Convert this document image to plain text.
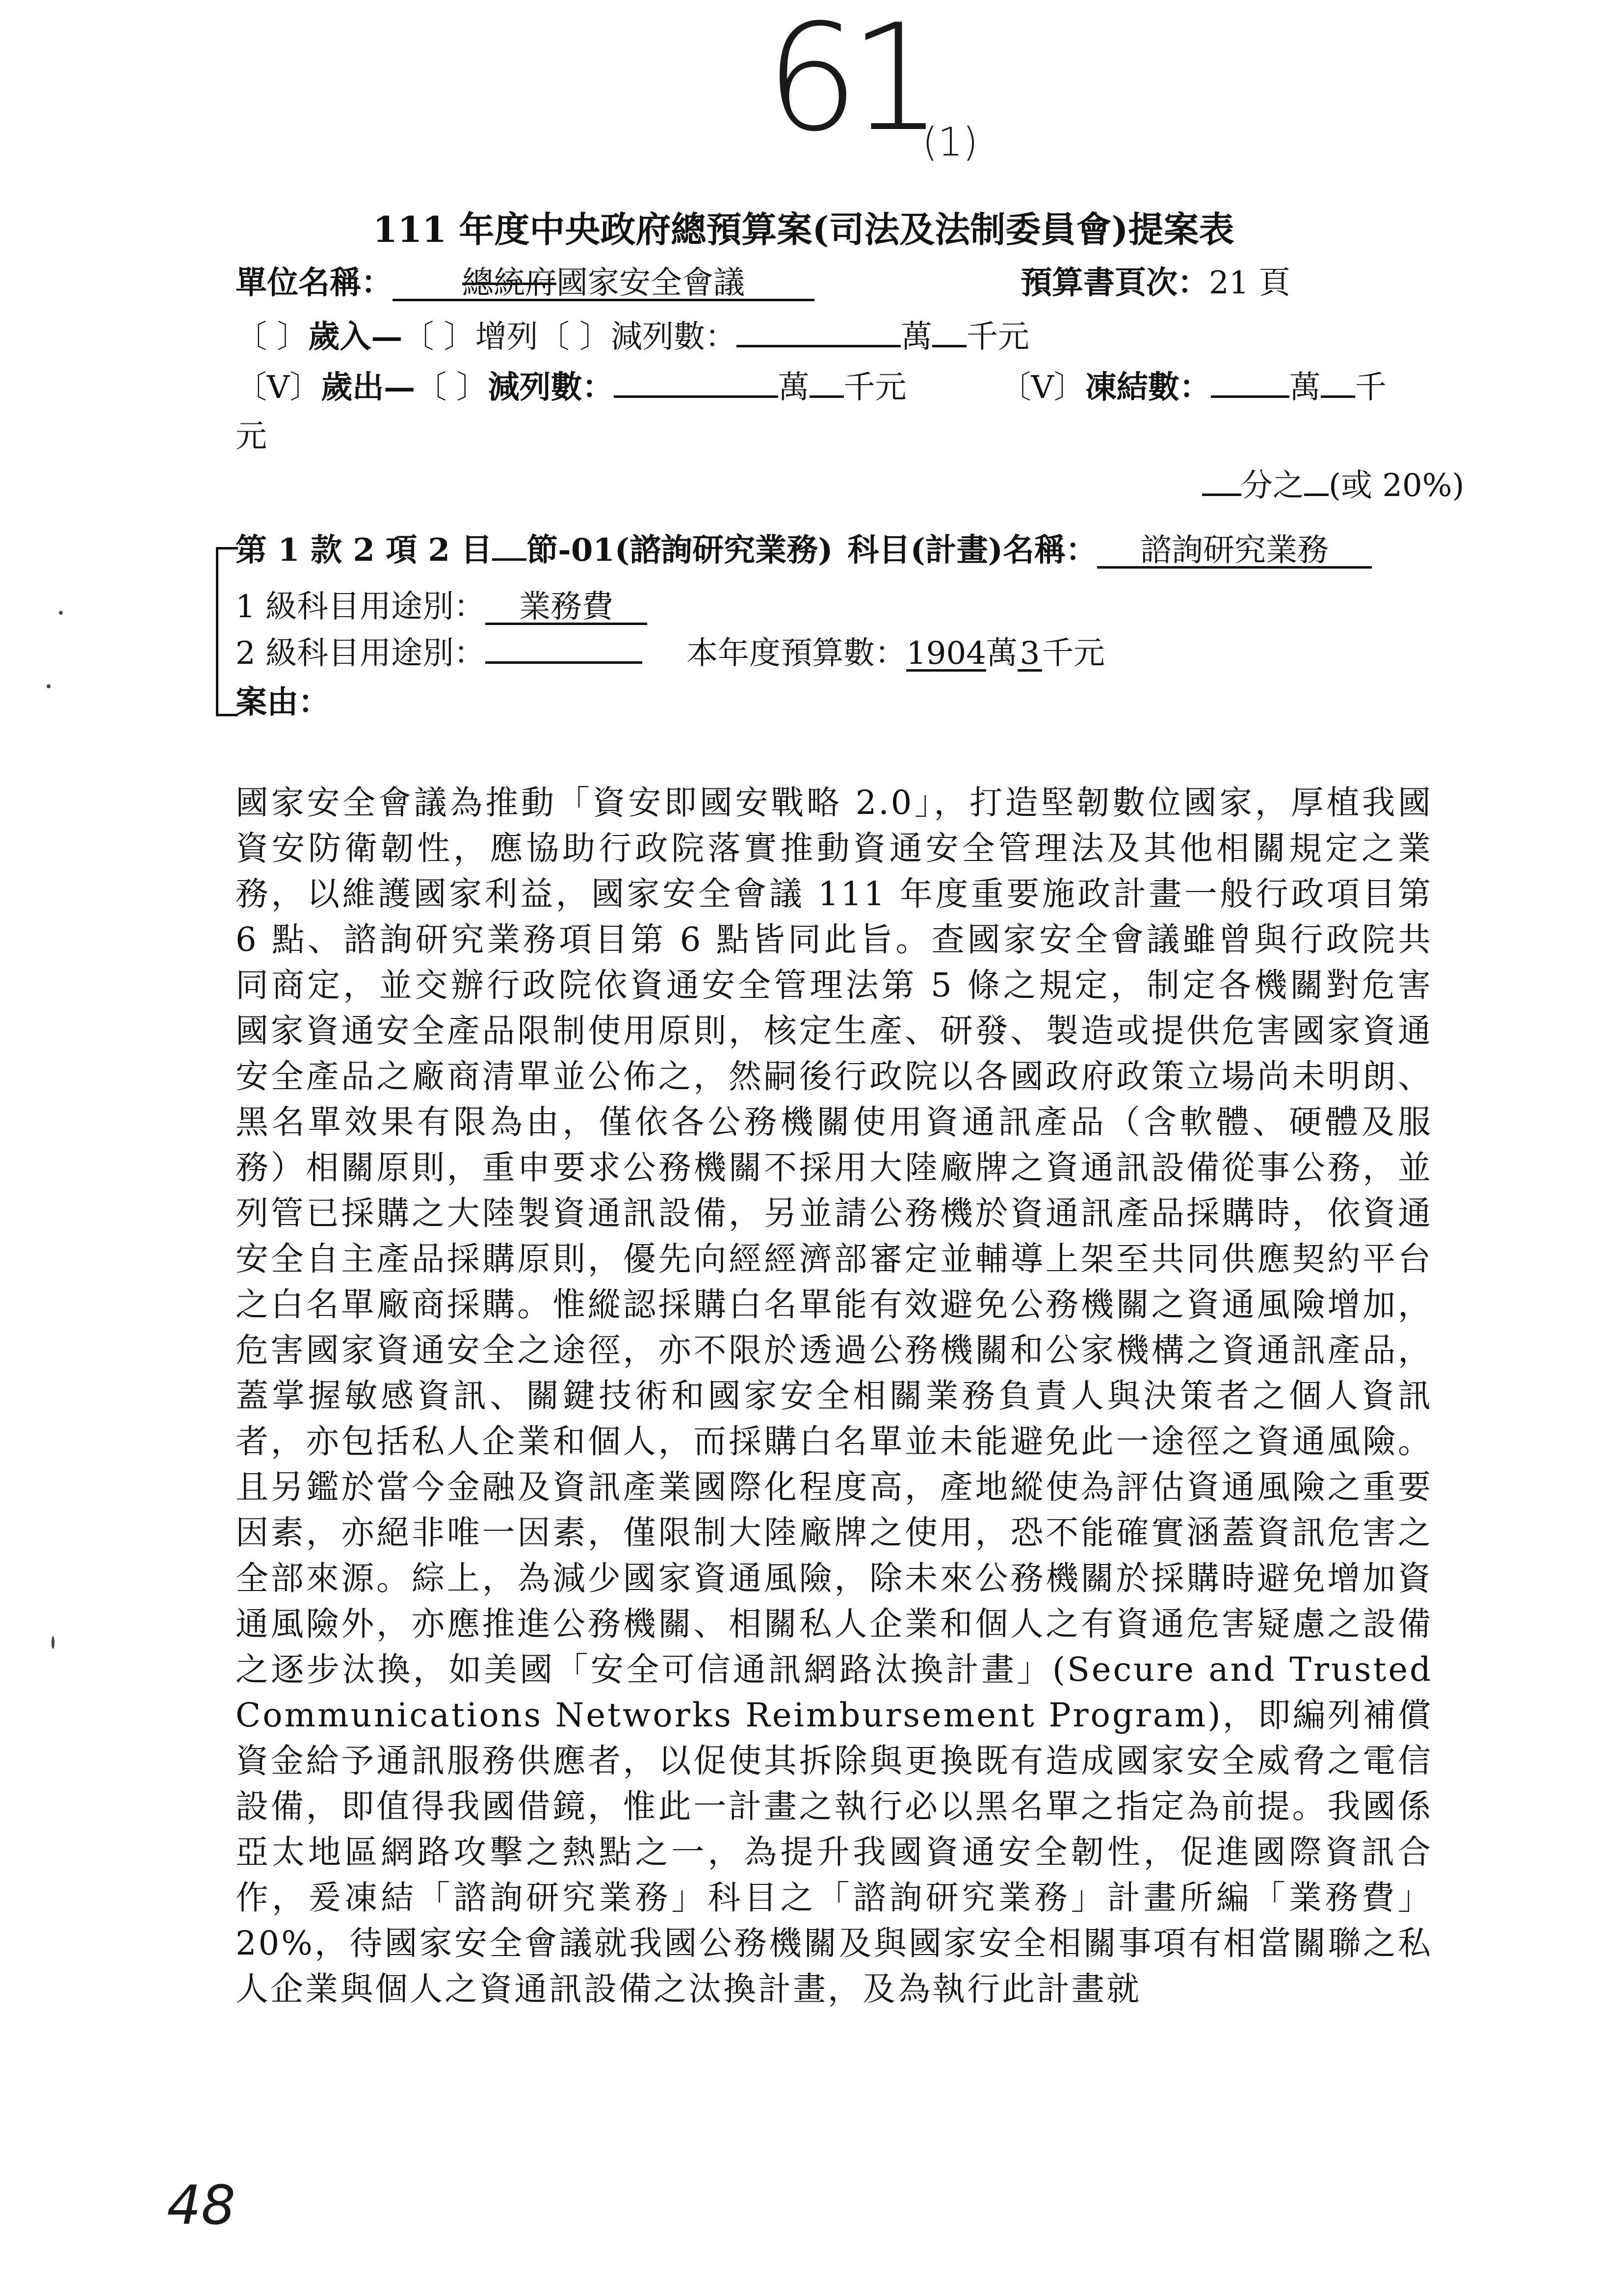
61
(1)
48
111 年度中央政府總預算案(司法及法制委員會)提案表
單位名稱： 總統府國家安全會議	預算書頁次：21 頁
〔 〕歲入—〔 〕增列〔 〕減列數：	萬 千元
〔V〕歲出—〔 〕減列數：	萬 千元	〔V〕凍結數：	萬 千
元
分之 (或 20%)
第 1 款 2 項 2 目 節-01(諮詢研究業務) 科目(計畫)名稱： 諮詢研究業務
1 級科目用途別： 業務費
2 級科目用途別：	本年度預算數：1904萬3千元
案由：
國家安全會議為推動「資安即國安戰略 2.0」，打造堅韌數位國家，厚植我國資安防衛韌性，應協助行政院落實推動資通安全管理法及其他相關規定之業務，以維護國家利益，國家安全會議 111 年度重要施政計畫一般行政項目第 6 點、諮詢研究業務項目第 6 點皆同此旨。查國家安全會議雖曾與行政院共同商定，並交辦行政院依資通安全管理法第 5 條之規定，制定各機關對危害國家資通安全產品限制使用原則，核定生產、研發、製造或提供危害國家資通安全產品之廠商清單並公佈之，然嗣後行政院以各國政府政策立場尚未明朗、黑名單效果有限為由，僅依各公務機關使用資通訊產品（含軟體、硬體及服務）相關原則，重申要求公務機關不採用大陸廠牌之資通訊設備從事公務，並列管已採購之大陸製資通訊設備，另並請公務機於資通訊產品採購時，依資通安全自主產品採購原則，優先向經經濟部審定並輔導上架至共同供應契約平台之白名單廠商採購。惟縱認採購白名單能有效避免公務機關之資通風險增加，危害國家資通安全之途徑，亦不限於透過公務機關和公家機構之資通訊產品，蓋掌握敏感資訊、關鍵技術和國家安全相關業務負責人與決策者之個人資訊者，亦包括私人企業和個人，而採購白名單並未能避免此一途徑之資通風險。且另鑑於當今金融及資訊產業國際化程度高，產地縱使為評估資通風險之重要因素，亦絕非唯一因素，僅限制大陸廠牌之使用，恐不能確實涵蓋資訊危害之全部來源。綜上，為減少國家資通風險，除未來公務機關於採購時避免增加資通風險外，亦應推進公務機關、相關私人企業和個人之有資通危害疑慮之設備之逐步汰換，如美國「安全可信通訊網路汰換計畫」(Secure and Trusted Communications Networks Reimbursement Program)，即編列補償資金給予通訊服務供應者，以促使其拆除與更換既有造成國家安全威脅之電信設備，即值得我國借鏡，惟此一計畫之執行必以黑名單之指定為前提。我國係亞太地區網路攻擊之熱點之一，為提升我國資通安全韌性，促進國際資訊合作，爰凍結「諮詢研究業務」科目之「諮詢研究業務」計畫所編「業務費」20%，待國家安全會議就我國公務機關及與國家安全相關事項有相當關聯之私人企業與個人之資通訊設備之汰換計畫，及為執行此計畫就
